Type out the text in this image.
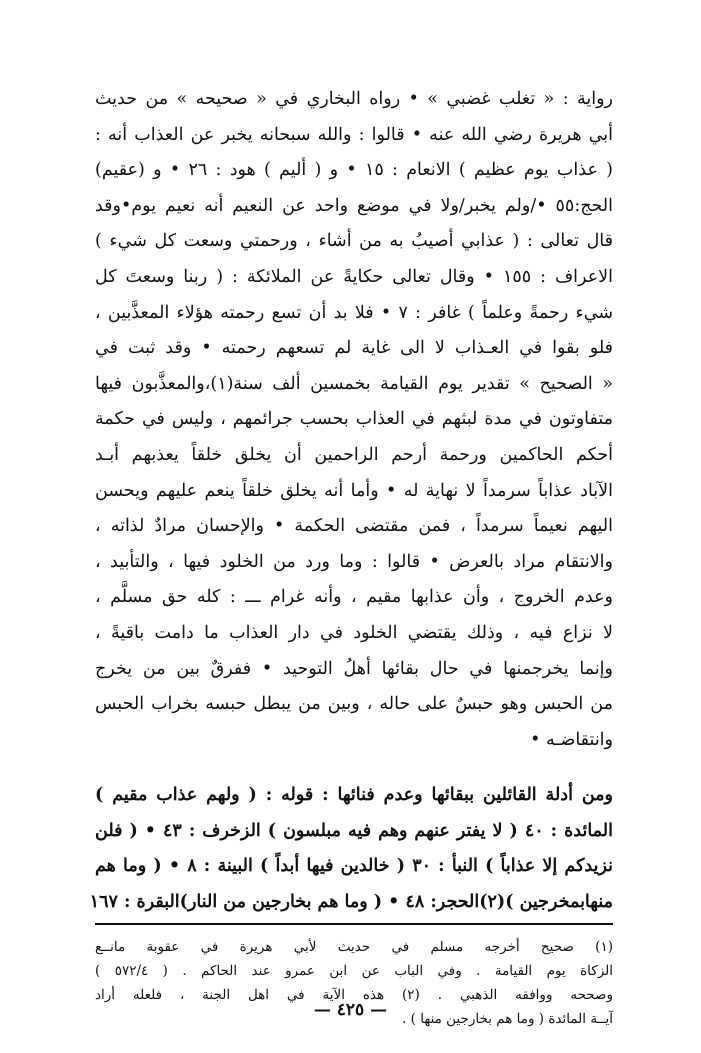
رواية : « تغلب غضبي » • رواه البخاري في « صحيحه » من حديث
أبي هريرة رضي الله عنه • قالوا : والله سبحانه يخبر عن العذاب أنه :
( عذاب يوم عظيم ) الانعام : ١٥ • و ( أليم ) هود : ٢٦ • و (عقيم)
الحج:٥٥ •/ولم يخبر/ولا في موضع واحد عن النعيم أنه نعيم يوم•وقد
قال تعالى : ( عذابي أصيبُ به من أشاء ، ورحمتي وسعت كل شيء )
الاعراف : ١٥٥ • وقال تعالى حكايةً عن الملائكة : ( ربنا وسعتَ كل
شيء رحمةً وعلماً ) غافر : ٧ • فلا بد أن تسع رحمته هؤلاء المعذَّبين ،
فلو بقوا في العـذاب لا الى غاية لم تسعهم رحمته • وقد ثبت في
« الصحيح » تقدير يوم القيامة بخمسين ألف سنة(١)،والمعذَّبون فيها
متفاوتون في مدة لبثهم في العذاب بحسب جرائمهم ، وليس في حكمة
أحكم الحاكمين ورحمة أرحم الراحمين أن يخلق خلقاً يعذبهم أبـد
الآباد عذاباً سرمداً لا نهاية له • وأما أنه يخلق خلقاً ينعم عليهم ويحسن
اليهم نعيماً سرمداً ، فمن مقتضى الحكمة • والإحسان مرادٌ لذاته ،
والانتقام مراد بالعرض • قالوا : وما ورد من الخلود فيها ، والتأبيد ،
وعدم الخروج ، وأن عذابها مقيم ، وأنه غرام ـــ : كله حق مسلَّم ،
لا نزاع فيه ، وذلك يقتضي الخلود في دار العذاب ما دامت باقيةً ،
وإنما يخرجمنها في حال بقائها أهلُ التوحيد • ففرقٌ بين من يخرج
من الحبس وهو حبسٌ على حاله ، وبين من يبطل حبسه بخراب الحبس
وانتقاضـه •
ومن أدلة القائلين ببقائها وعدم فنائها : قوله : ( ولهم عذاب مقيم )
المائدة : ٤٠ ( لا يفتر عنهم وهم فيه مبلسون ) الزخرف : ٤٣ • ( فلن
نزيدكم إلا عذاباً ) النبأ : ٣٠ ( خالدين فيها أبداً ) البينة : ٨ • ( وما هم
منهابمخرجين )(٢)الحجر: ٤٨ • ( وما هم بخارجين من النار)البقرة : ١٦٧
(١) صحيح أخرجه مسلم في حديث لأبي هريرة في عقوبة مانــع
الزكاة يوم القيامة . وفي الباب عن ابن عمرو عند الحاكم . ( ٥٧٢/٤ )
وصححه ووافقه الذهبي . (٢) هذه الآية في اهل الجنة ، فلعله أراد
آيــة المائدة ( وما هم بخارجين منها ) .
— ٤٢٥ —
